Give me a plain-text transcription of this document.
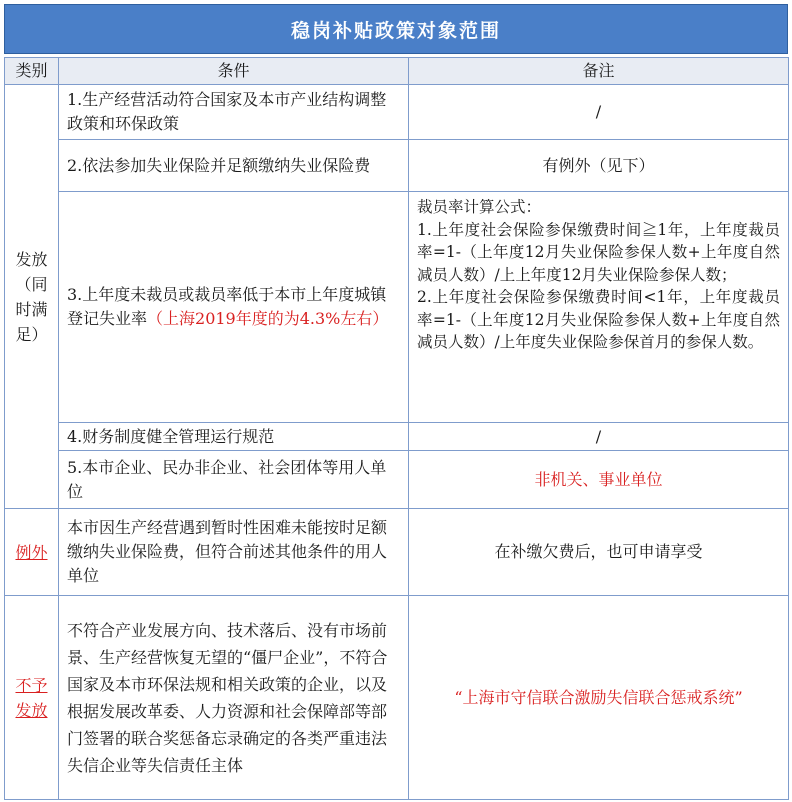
稳岗补贴政策对象范围
类别	条件	备注

发放（同
时满
足）	1.生产经营活动符合国家及本市产业结构调整政策和环保政策	/
	2.依法参加失业保险并足额缴纳失业保险费	有例外（见下）
	3.上年度未裁员或裁员率低于本市上年度城镇登记失业率（上海2019年度的为4.3%左右）	裁员率计算公式：
1.上年度社会保险参保缴费时间≧1年，上年度裁员率=1-（上年度12月失业保险参保人数+上年度自然减员人数）/上上年度12月失业保险参保人数；
2.上年度社会保险参保缴费时间<1年，上年度裁员率=1-（上年度12月失业保险参保人数+上年度自然减员人数）/上年度失业保险参保首月的参保人数。

	4.财务制度健全管理运行规范	/
	5.本市企业、民办非企业、社会团体等用人单位	非机关、事业单位
例外	本市因生产经营遇到暂时性困难未能按时足额缴纳失业保险费，但符合前述其他条件的用人单位	在补缴欠费后，也可申请享受

不予
发放	不符合产业发展方向、技术落后、没有市场前景、生产经营恢复无望的“僵尸企业”，不符合国家及本市环保法规和相关政策的企业，以及根据发展改革委、人力资源和社会保障部等部门签署的联合奖惩备忘录确定的各类严重违法失信企业等失信责任主体	“上海市守信联合激励失信联合惩戒系统”
